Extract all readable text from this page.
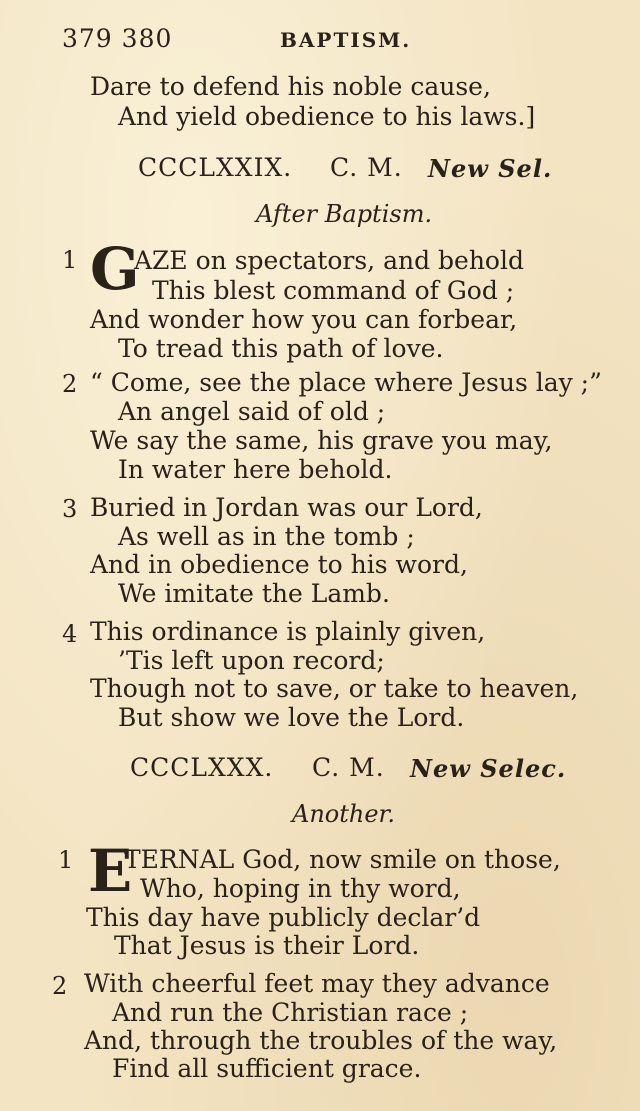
379 380	BAPTISM.
Dare to defend his noble cause,
And yield obedience to his laws.]
CCCLXXIX. C. M. New Sel.
After Baptism.
1 G
AZE on spectators, and behold
This blest command of God ;
And wonder how you can forbear,
To tread this path of love.
2 “ Come, see the place where Jesus lay ;”
An angel said of old ;
We say the same, his grave you may,
In water here behold.
3 Buried in Jordan was our Lord,
As well as in the tomb ;
And in obedience to his word,
We imitate the Lamb.
4 This ordinance is plainly given,
’Tis left upon record;
Though not to save, or take to heaven,
But show we love the Lord.
CCCLXXX. C. M. New Selec.
Another.
1 E
TERNAL God, now smile on those,
Who, hoping in thy word,
This day have publicly declar’d
That Jesus is their Lord.
2 With cheerful feet may they advance
And run the Christian race ;
And, through the troubles of the way,
Find all sufficient grace.
